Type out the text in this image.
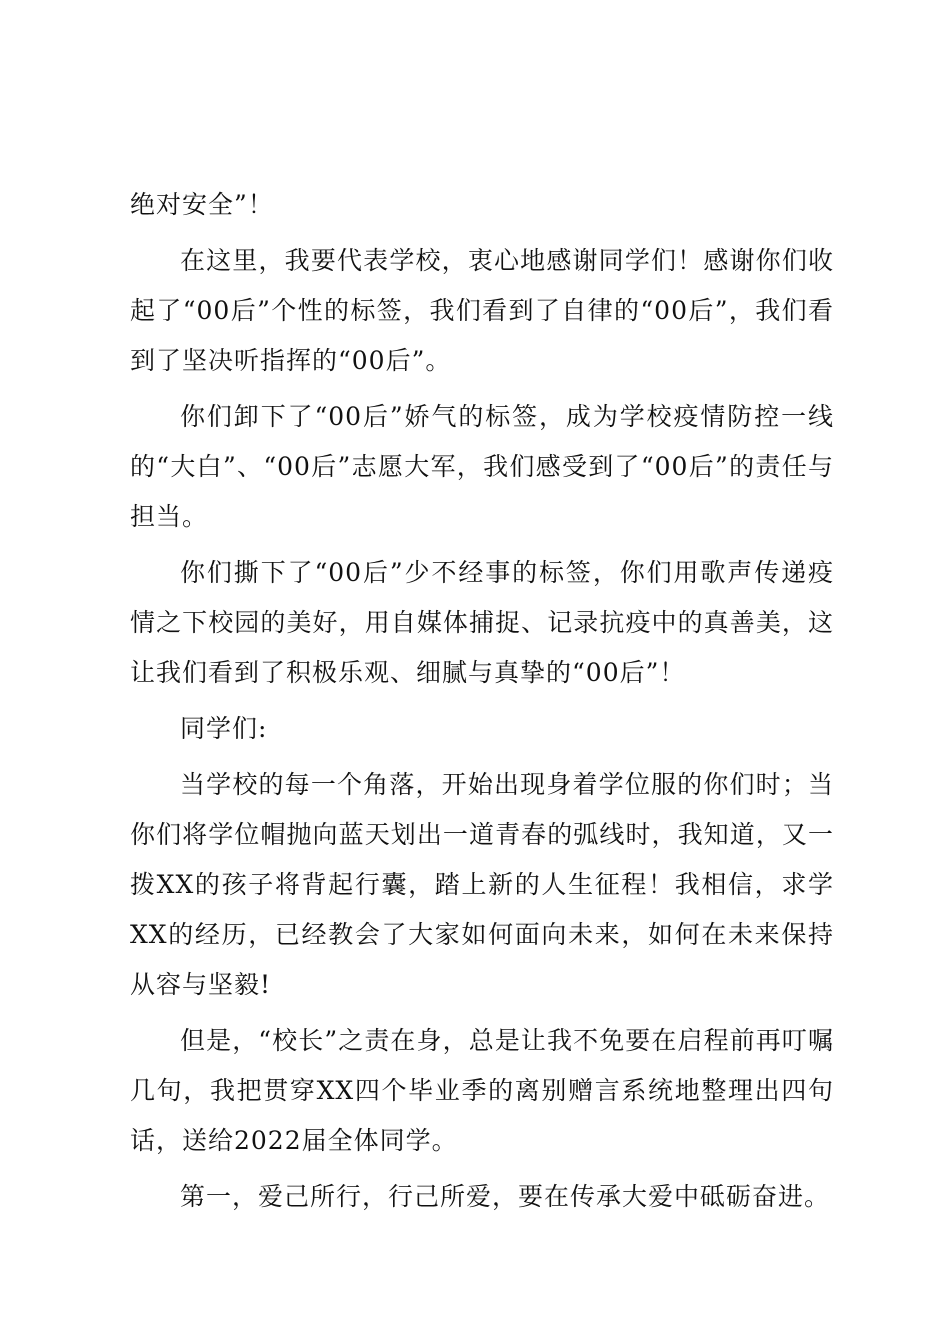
绝对安全”！

在这里，我要代表学校，衷心地感谢同学们！感谢你们收起了“00后”个性的标签，我们看到了自律的“00后”，我们看到了坚决听指挥的“00后”。

你们卸下了“00后”娇气的标签，成为学校疫情防控一线的“大白”、“00后”志愿大军，我们感受到了“00后”的责任与担当。

你们撕下了“00后”少不经事的标签，你们用歌声传递疫情之下校园的美好，用自媒体捕捉、记录抗疫中的真善美，这让我们看到了积极乐观、细腻与真挚的“00后”！

同学们:

当学校的每一个角落，开始出现身着学位服的你们时；当你们将学位帽抛向蓝天划出一道青春的弧线时，我知道，又一拨XX的孩子将背起行囊，踏上新的人生征程！我相信，求学XX的经历，已经教会了大家如何面向未来，如何在未来保持从容与坚毅!

但是，“校长”之责在身，总是让我不免要在启程前再叮嘱几句，我把贯穿XX四个毕业季的离别赠言系统地整理出四句话，送给2022届全体同学。

第一，爱己所行，行己所爱，要在传承大爱中砥砺奋进。
